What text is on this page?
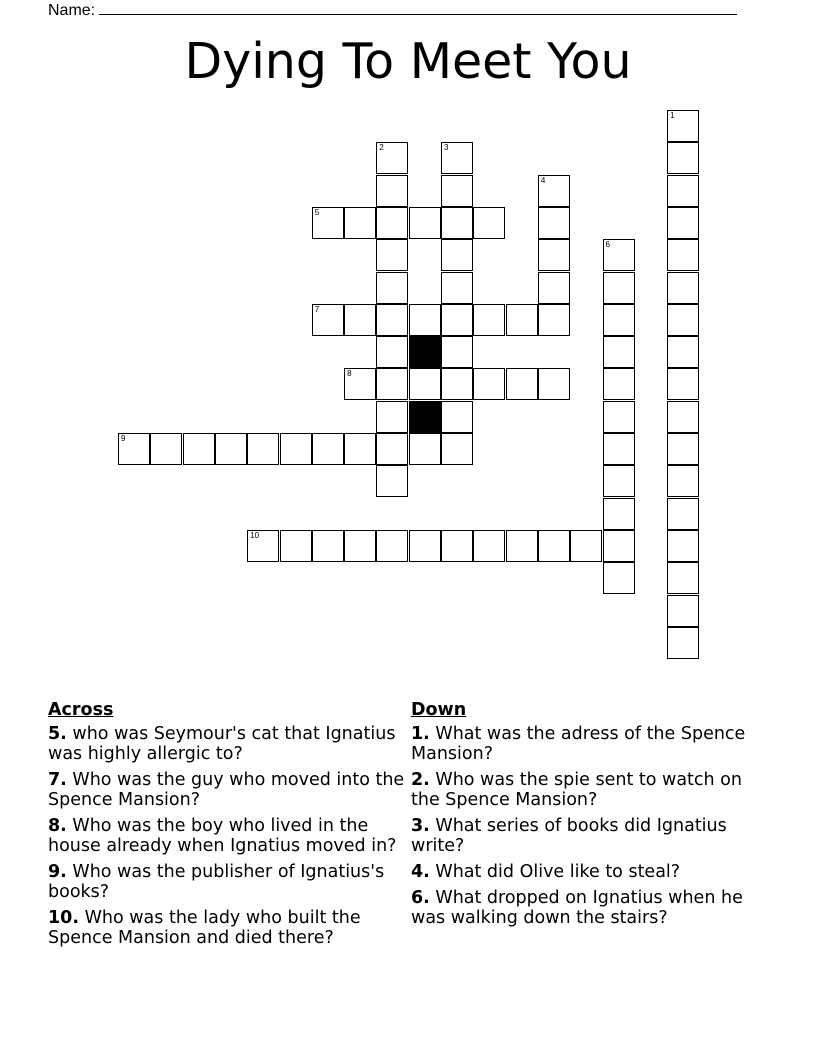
Name:
Dying To Meet You
1
2	3
4
5
6
7
8
9
10
Across
5. who was Seymour's cat that Ignatius was highly allergic to?
7. Who was the guy who moved into the Spence Mansion?
8. Who was the boy who lived in the house already when Ignatius moved in?
9. Who was the publisher of Ignatius's books?
10. Who was the lady who built the Spence Mansion and died there?
Down
1. What was the adress of the Spence Mansion?
2. Who was the spie sent to watch on the Spence Mansion?
3. What series of books did Ignatius write?
4. What did Olive like to steal?
6. What dropped on Ignatius when he was walking down the stairs?
